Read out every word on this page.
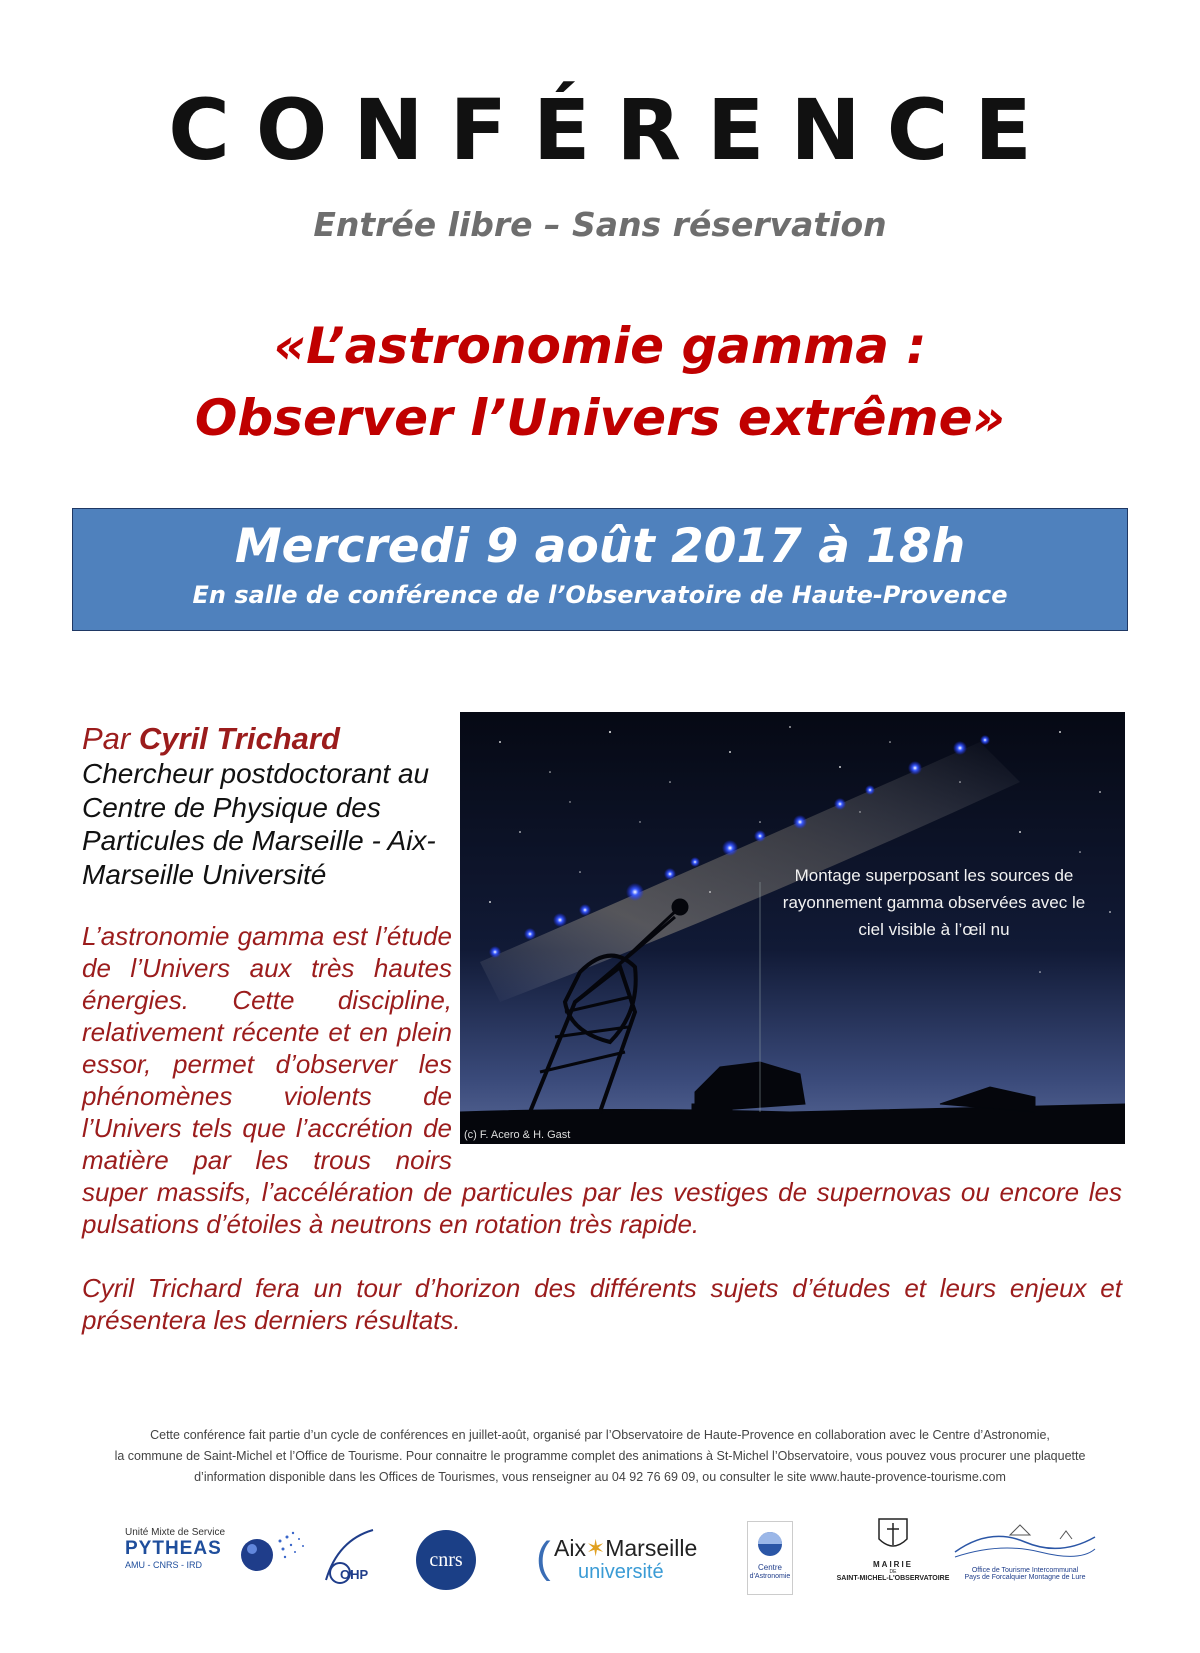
CONFÉRENCE
Entrée libre – Sans réservation
«L’astronomie gamma :
Observer l’Univers extrême»
Mercredi 9 août 2017 à 18h
En salle de conférence de l’Observatoire de Haute-Provence
Par Cyril Trichard
Chercheur postdoctorant au Centre de Physique des Particules de Marseille - Aix-Marseille Université	Montage superposant les sources de rayonnement gamma observées avec le ciel visible à l’œil nu
(c) F. Acero & H. Gast

L’astronomie gamma est l’étude de l’Univers aux très hautes énergies. Cette discipline, relativement récente et en plein essor, permet d’observer les phénomènes violents de l’Univers tels que l’accrétion de matière par les trous noirs super massifs, l’accélération de particules par les vestiges de supernovas ou encore les pulsations d’étoiles à neutrons en rotation très rapide.

Cyril Trichard fera un tour d’horizon des différents sujets d’études et leurs enjeux et présentera les derniers résultats.

Cette conférence fait partie d’un cycle de conférences en juillet-août, organisé par l’Observatoire de Haute-Provence en collaboration avec le Centre d’Astronomie,
la commune de Saint-Michel et l’Office de Tourisme. Pour connaitre le programme complet des animations à St-Michel l’Observatoire, vous pouvez vous procurer une plaquette
d’information disponible dans les Offices de Tourismes, vous renseigner au 04 92 76 69 09, ou consulter le site www.haute-provence-tourisme.com
Unité Mixte de Service
PYTHEAS
AMU - CNRS - IRD
OHP
cnrs ( Aix✶Marseille
université	Centre
d'Astronomie
MAIRIE
DE
SAINT-MICHEL-L'OBSERVATOIRE
Office de Tourisme Intercommunal
Pays de Forcalquier Montagne de Lure
